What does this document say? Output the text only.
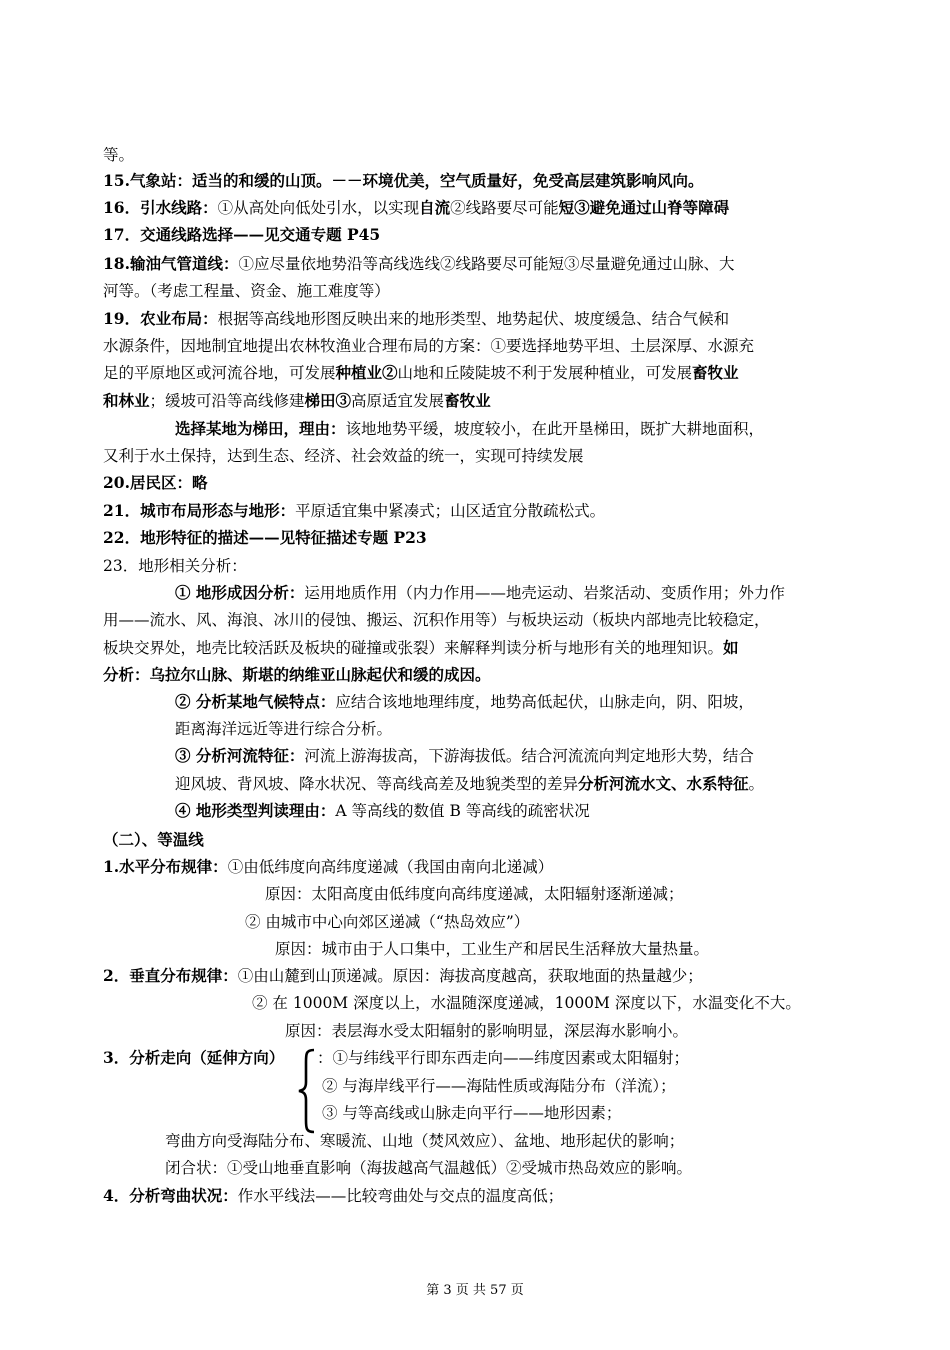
等。
15.气象站：适当的和缓的山顶。－－环境优美，空气质量好，免受高层建筑影响风向。
16．引水线路：①从高处向低处引水，以实现自流②线路要尽可能短③避免通过山脊等障碍
17．交通线路选择——见交通专题 P45
18.输油气管道线：①应尽量依地势沿等高线选线②线路要尽可能短③尽量避免通过山脉、大
河等。（考虑工程量、资金、施工难度等）
19．农业布局：根据等高线地形图反映出来的地形类型、地势起伏、坡度缓急、结合气候和
水源条件，因地制宜地提出农林牧渔业合理布局的方案：①要选择地势平坦、土层深厚、水源充
足的平原地区或河流谷地，可发展种植业②山地和丘陵陡坡不利于发展种植业，可发展畜牧业
和林业；缓坡可沿等高线修建梯田③高原适宜发展畜牧业
选择某地为梯田，理由：该地地势平缓，坡度较小，在此开垦梯田，既扩大耕地面积，
又利于水土保持，达到生态、经济、社会效益的统一，实现可持续发展
20.居民区：略
21．城市布局形态与地形：平原适宜集中紧凑式；山区适宜分散疏松式。
22．地形特征的描述——见特征描述专题 P23
23．地形相关分析：
① 地形成因分析：运用地质作用（内力作用——地壳运动、岩浆活动、变质作用；外力作
用——流水、风、海浪、冰川的侵蚀、搬运、沉积作用等）与板块运动（板块内部地壳比较稳定，
板块交界处，地壳比较活跃及板块的碰撞或张裂）来解释判读分析与地形有关的地理知识。如
分析：乌拉尔山脉、斯堪的纳维亚山脉起伏和缓的成因。
② 分析某地气候特点：应结合该地地理纬度，地势高低起伏，山脉走向，阴、阳坡，
距离海洋远近等进行综合分析。
③ 分析河流特征：河流上游海拔高，下游海拔低。结合河流流向判定地形大势，结合
迎风坡、背风坡、降水状况、等高线高差及地貌类型的差异分析河流水文、水系特征。
④ 地形类型判读理由：A 等高线的数值 B 等高线的疏密状况
（二）、等温线
1.水平分布规律：①由低纬度向高纬度递减（我国由南向北递减）
原因：太阳高度由低纬度向高纬度递减，太阳辐射逐渐递减；
② 由城市中心向郊区递减（“热岛效应”）
原因：城市由于人口集中，工业生产和居民生活释放大量热量。
2．垂直分布规律：①由山麓到山顶递减。原因：海拔高度越高，获取地面的热量越少；
② 在 1000M 深度以上，水温随深度递减，1000M 深度以下，水温变化不大。
原因：表层海水受太阳辐射的影响明显，深层海水影响小。
3．分析走向（延伸方向） ：①与纬线平行即东西走向——纬度因素或太阳辐射；
② 与海岸线平行——海陆性质或海陆分布（洋流）；
③ 与等高线或山脉走向平行——地形因素；
弯曲方向受海陆分布、寒暖流、山地（焚风效应）、盆地、地形起伏的影响；
闭合状：①受山地垂直影响（海拔越高气温越低）②受城市热岛效应的影响。
4．分析弯曲状况：作水平线法——比较弯曲处与交点的温度高低；
第 3 页 共 57 页
